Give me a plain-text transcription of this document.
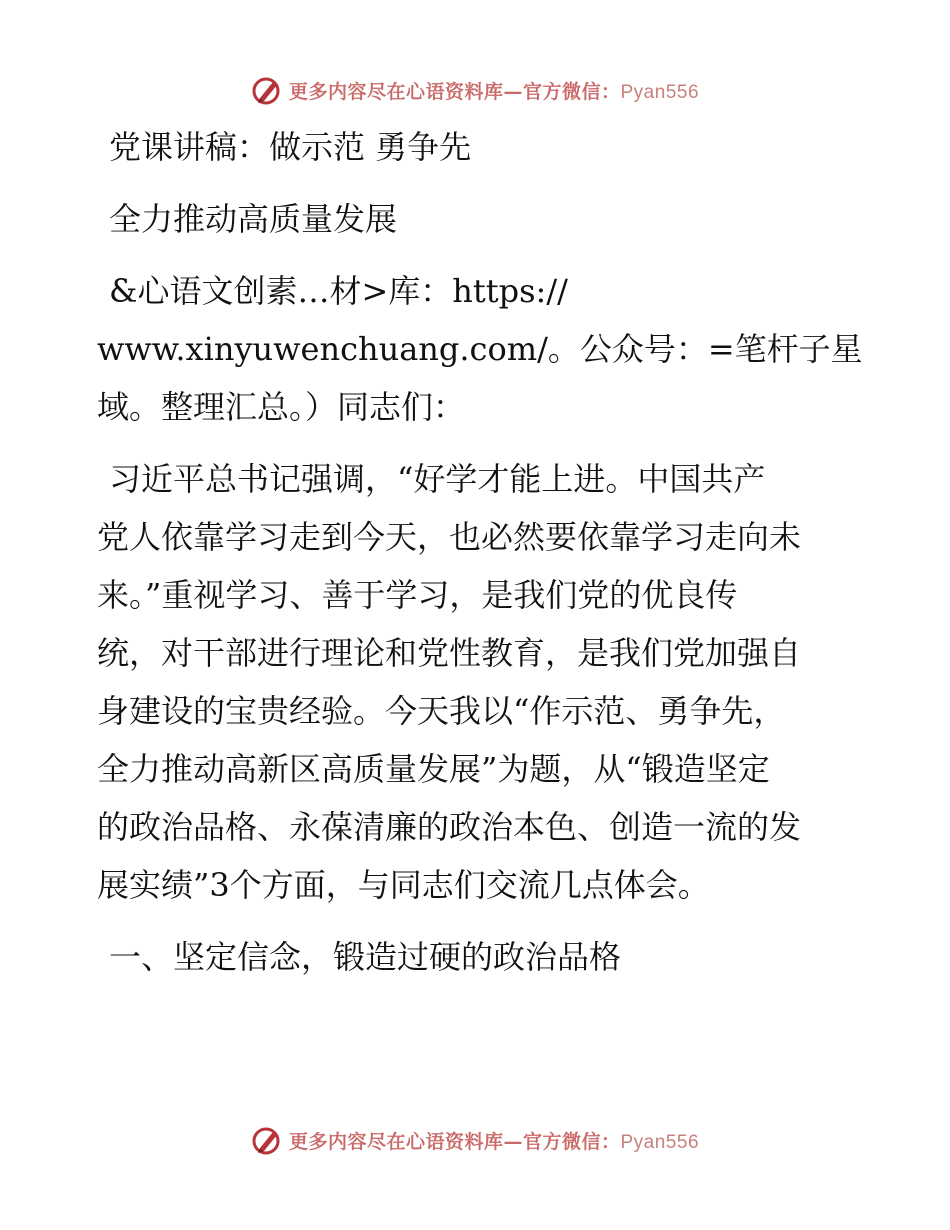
更多内容尽在心语资料库—官方微信：Pyan556
党课讲稿：做示范 勇争先
全力推动高质量发展
&心语文创素…材>库：https://
www.xinyuwenchuang.com/。公众号：=笔杆子星
域。整理汇总。）同志们：
习近平总书记强调，“好学才能上进。中国共产
党人依靠学习走到今天，也必然要依靠学习走向未
来。”重视学习、善于学习，是我们党的优良传
统，对干部进行理论和党性教育，是我们党加强自
身建设的宝贵经验。今天我以“作示范、勇争先，
全力推动高新区高质量发展”为题，从“锻造坚定
的政治品格、永葆清廉的政治本色、创造一流的发
展实绩”3个方面，与同志们交流几点体会。
一、坚定信念，锻造过硬的政治品格
更多内容尽在心语资料库—官方微信：Pyan556
